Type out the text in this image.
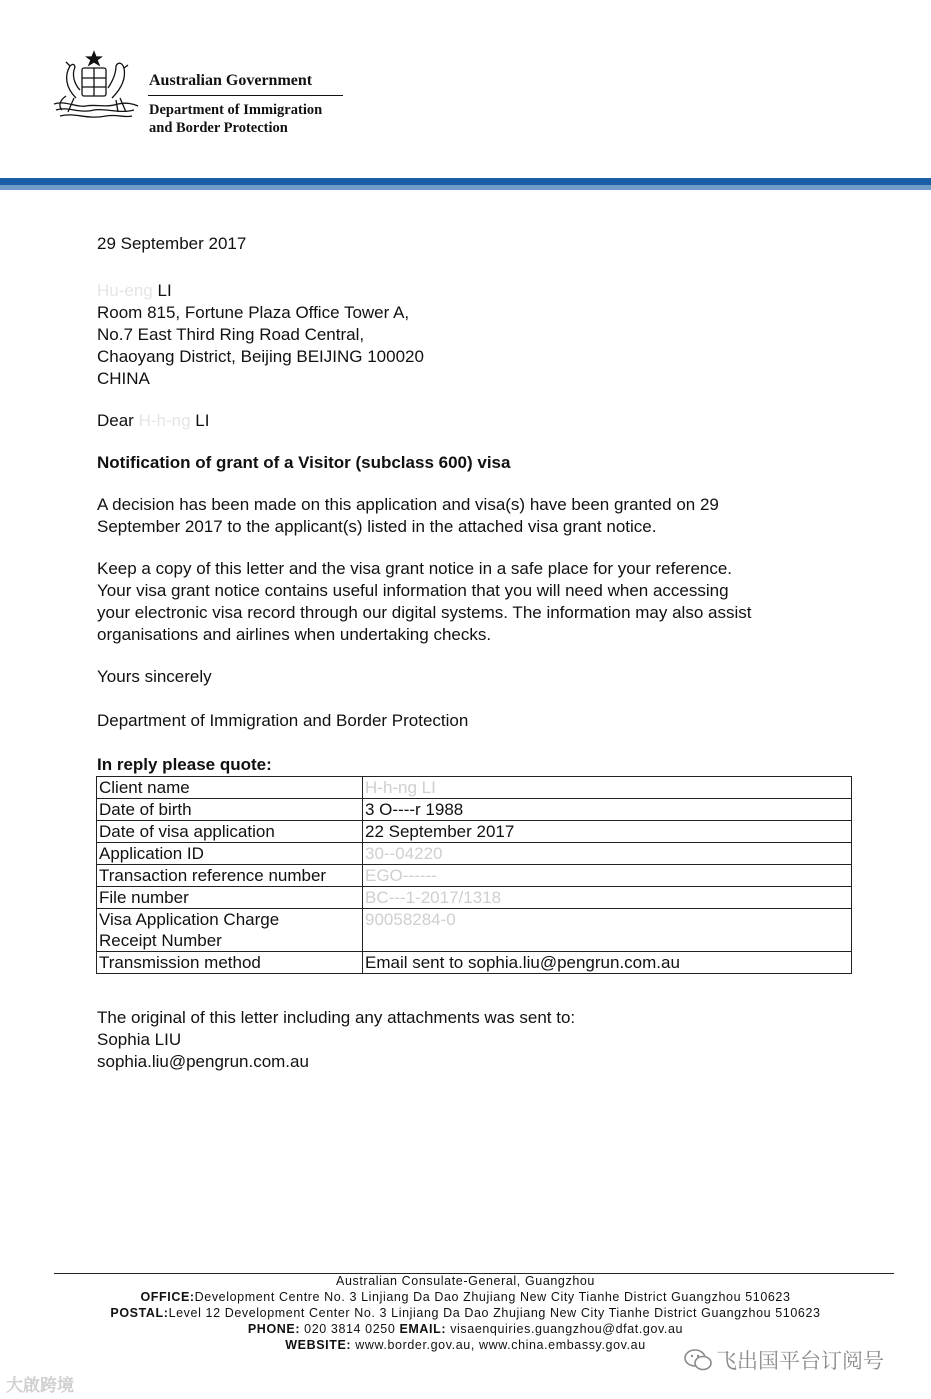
Australian Government
Department of Immigration
and Border Protection
29 September 2017
Hu-eng LI
Room 815, Fortune Plaza Office Tower A,
No.7 East Third Ring Road Central,
Chaoyang District, Beijing BEIJING 100020
CHINA
Dear H-h-ng LI
Notification of grant of a Visitor (subclass 600) visa
A decision has been made on this application and visa(s) have been granted on 29
September 2017 to the applicant(s) listed in the attached visa grant notice.
Keep a copy of this letter and the visa grant notice in a safe place for your reference.
Your visa grant notice contains useful information that you will need when accessing
your electronic visa record through our digital systems. The information may also assist
organisations and airlines when undertaking checks.
Yours sincerely
Department of Immigration and Border Protection
In reply please quote:
Client name	H-h-ng LI
Date of birth	3 O----r 1988
Date of visa application	22 September 2017
Application ID	30--04220
Transaction reference number	EGO------
File number	BC---1-2017/1318

Visa Application Charge
Receipt Number	90058284-0
Transmission method	Email sent to sophia.liu@pengrun.com.au
The original of this letter including any attachments was sent to:
Sophia LIU
sophia.liu@pengrun.com.au
Australian Consulate-General, Guangzhou
OFFICE:Development Centre No. 3 Linjiang Da Dao Zhujiang New City Tianhe District Guangzhou 510623
POSTAL:Level 12 Development Center No. 3 Linjiang Da Dao Zhujiang New City Tianhe District Guangzhou 510623
PHONE: 020 3814 0250 EMAIL: visaenquiries.guangzhou@dfat.gov.au
WEBSITE: www.border.gov.au, www.china.embassy.gov.au
大啟跨境
飞出国平台订阅号
